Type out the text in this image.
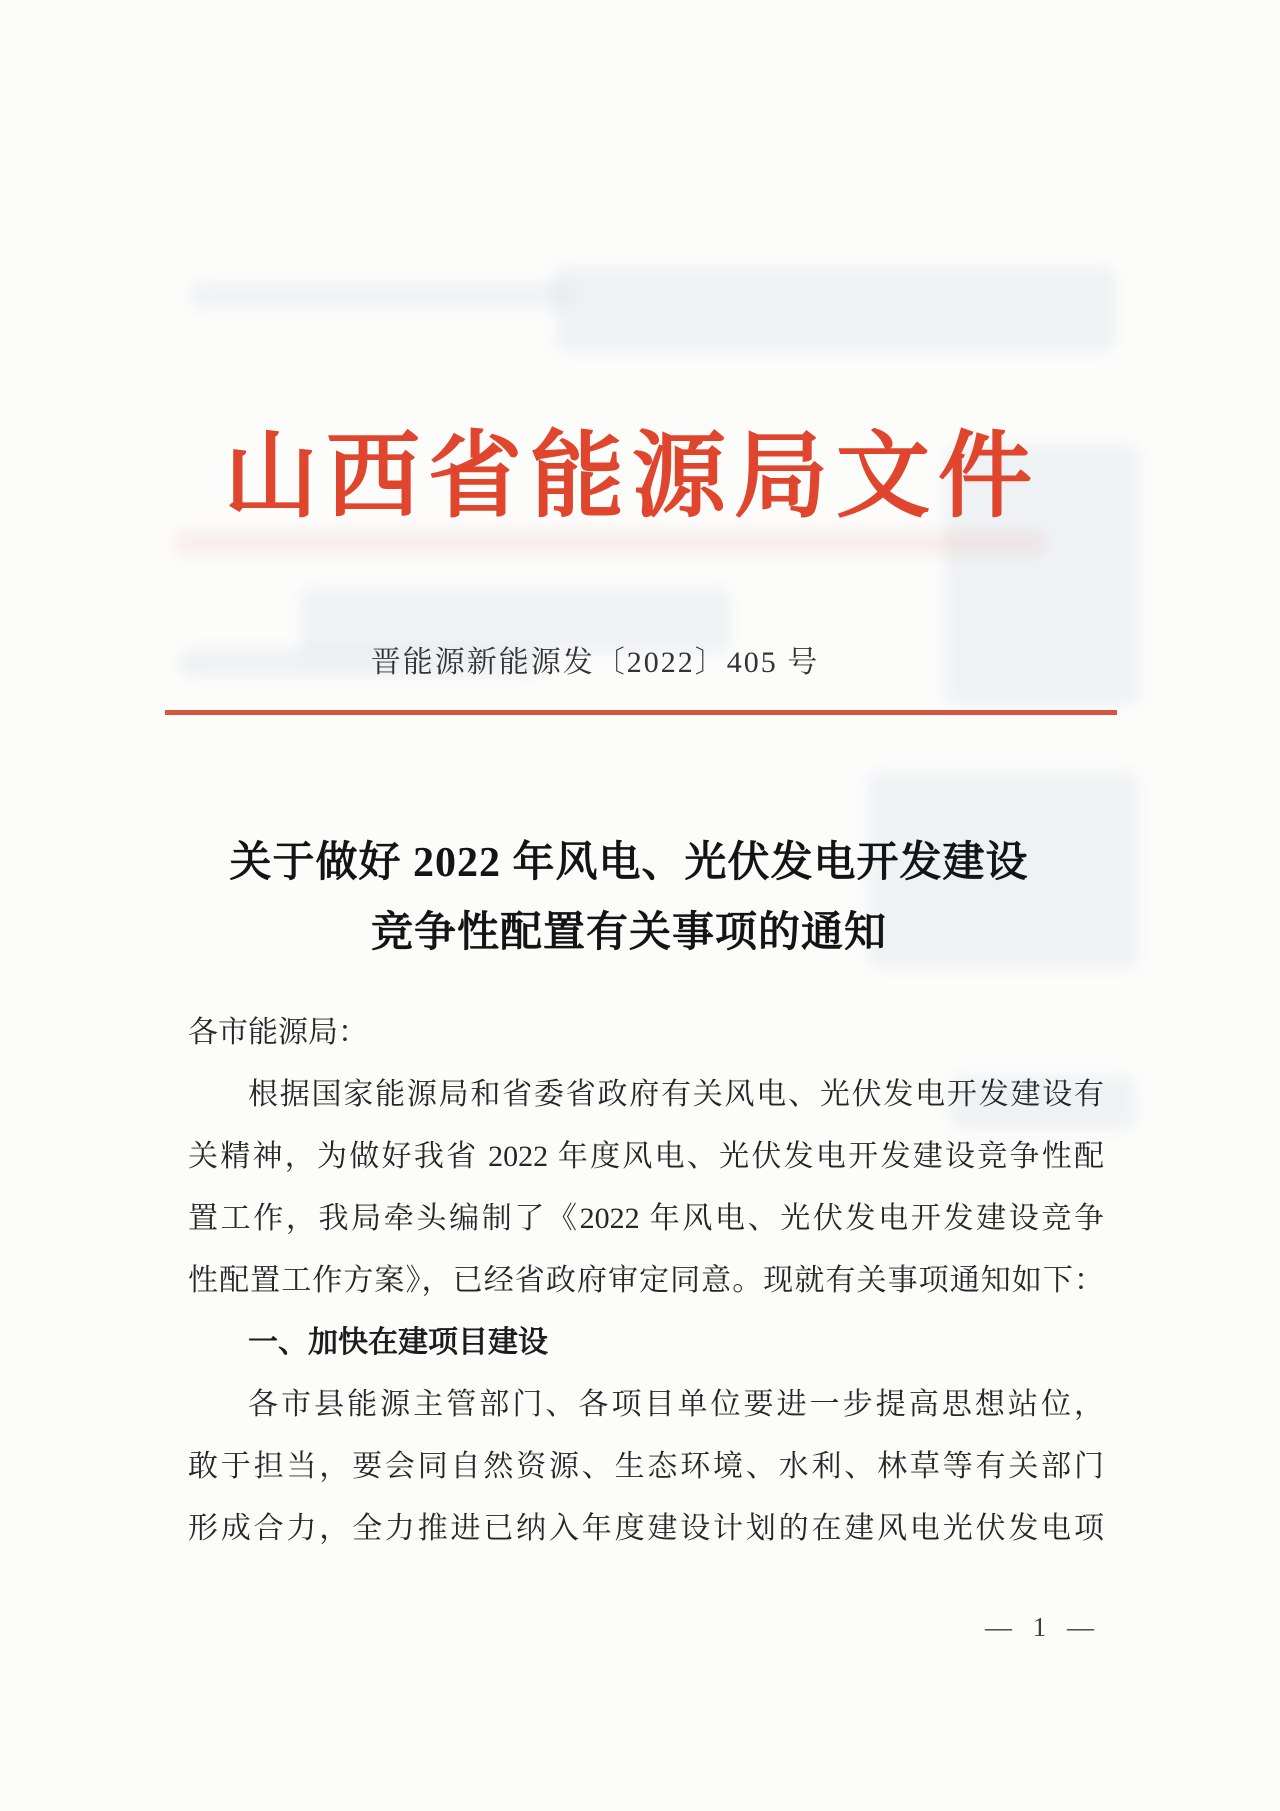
山西省能源局文件
晋能源新能源发〔2022〕405 号
关于做好 2022 年风电、光伏发电开发建设
竞争性配置有关事项的通知
各市能源局：
根据国家能源局和省委省政府有关风电、光伏发电开发建设有
关精神，为做好我省 2022 年度风电、光伏发电开发建设竞争性配
置工作，我局牵头编制了《2022 年风电、光伏发电开发建设竞争
性配置工作方案》，已经省政府审定同意。现就有关事项通知如下：
一、加快在建项目建设
各市县能源主管部门、各项目单位要进一步提高思想站位，
敢于担当，要会同自然资源、生态环境、水利、林草等有关部门
形成合力，全力推进已纳入年度建设计划的在建风电光伏发电项
— 1 —
